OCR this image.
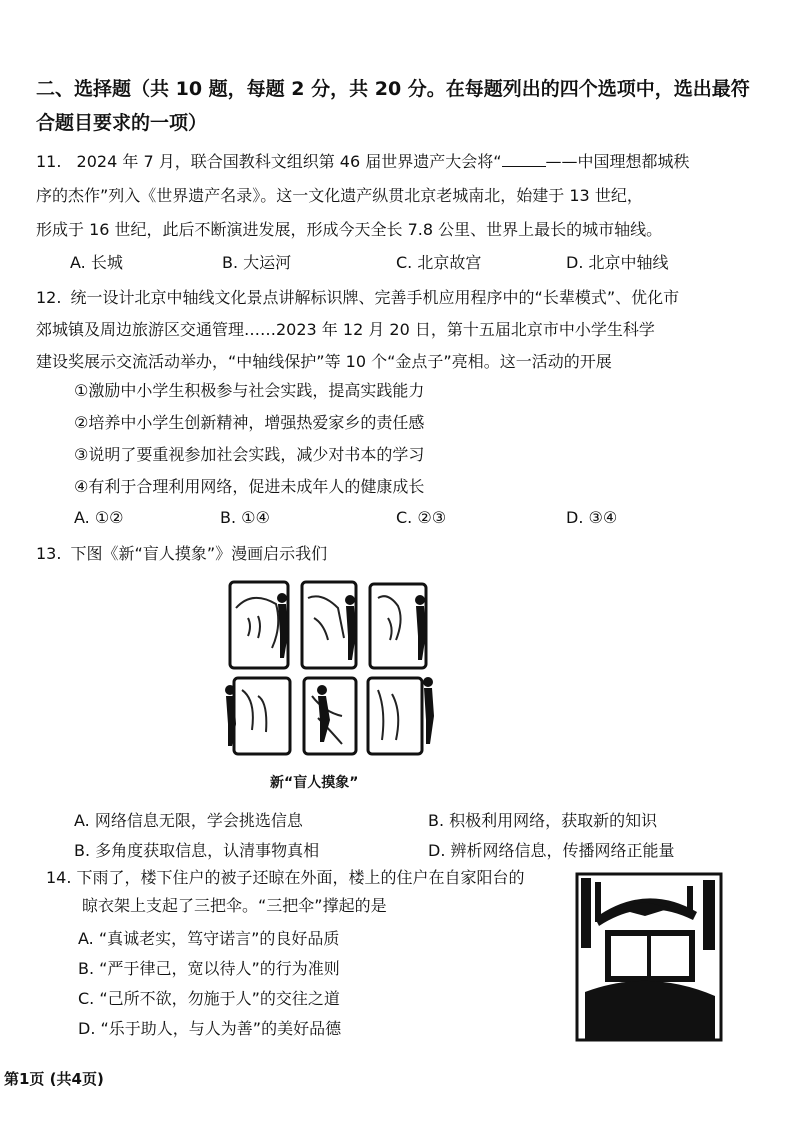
二、选择题（共 10 题，每题 2 分，共 20 分。在每题列出的四个选项中，选出最符合题目要求的一项）
11. 2024 年 7 月，联合国教科文组织第 46 届世界遗产大会将“	——中国理想都城秩
序的杰作”列入《世界遗产名录》。这一文化遗产纵贯北京老城南北，始建于 13 世纪，
形成于 16 世纪，此后不断演进发展，形成今天全长 7.8 公里、世界上最长的城市轴线。
A. 长城	B. 大运河	C. 北京故宫	D. 北京中轴线
12. 统一设计北京中轴线文化景点讲解标识牌、完善手机应用程序中的“长辈模式”、优化市
郊城镇及周边旅游区交通管理……2023 年 12 月 20 日，第十五届北京市中小学生科学
建设奖展示交流活动举办，“中轴线保护”等 10 个“金点子”亮相。这一活动的开展
①激励中小学生积极参与社会实践，提高实践能力
②培养中小学生创新精神，增强热爱家乡的责任感
③说明了要重视参加社会实践，减少对书本的学习
④有利于合理利用网络，促进未成年人的健康成长
A. ①②	B. ①④	C. ②③	D. ③④
13. 下图《新“盲人摸象”》漫画启示我们
新“盲人摸象”
A. 网络信息无限，学会挑选信息	B. 积极利用网络，获取新的知识
B. 多角度获取信息，认清事物真相	D. 辨析网络信息，传播网络正能量
14. 下雨了，楼下住户的被子还晾在外面，楼上的住户在自家阳台的
晾衣架上支起了三把伞。“三把伞”撑起的是
A. “真诚老实，笃守诺言”的良好品质
B. “严于律己，宽以待人”的行为准则
C. “己所不欲，勿施于人”的交往之道
D. “乐于助人，与人为善”的美好品德
第1页 (共4页)
